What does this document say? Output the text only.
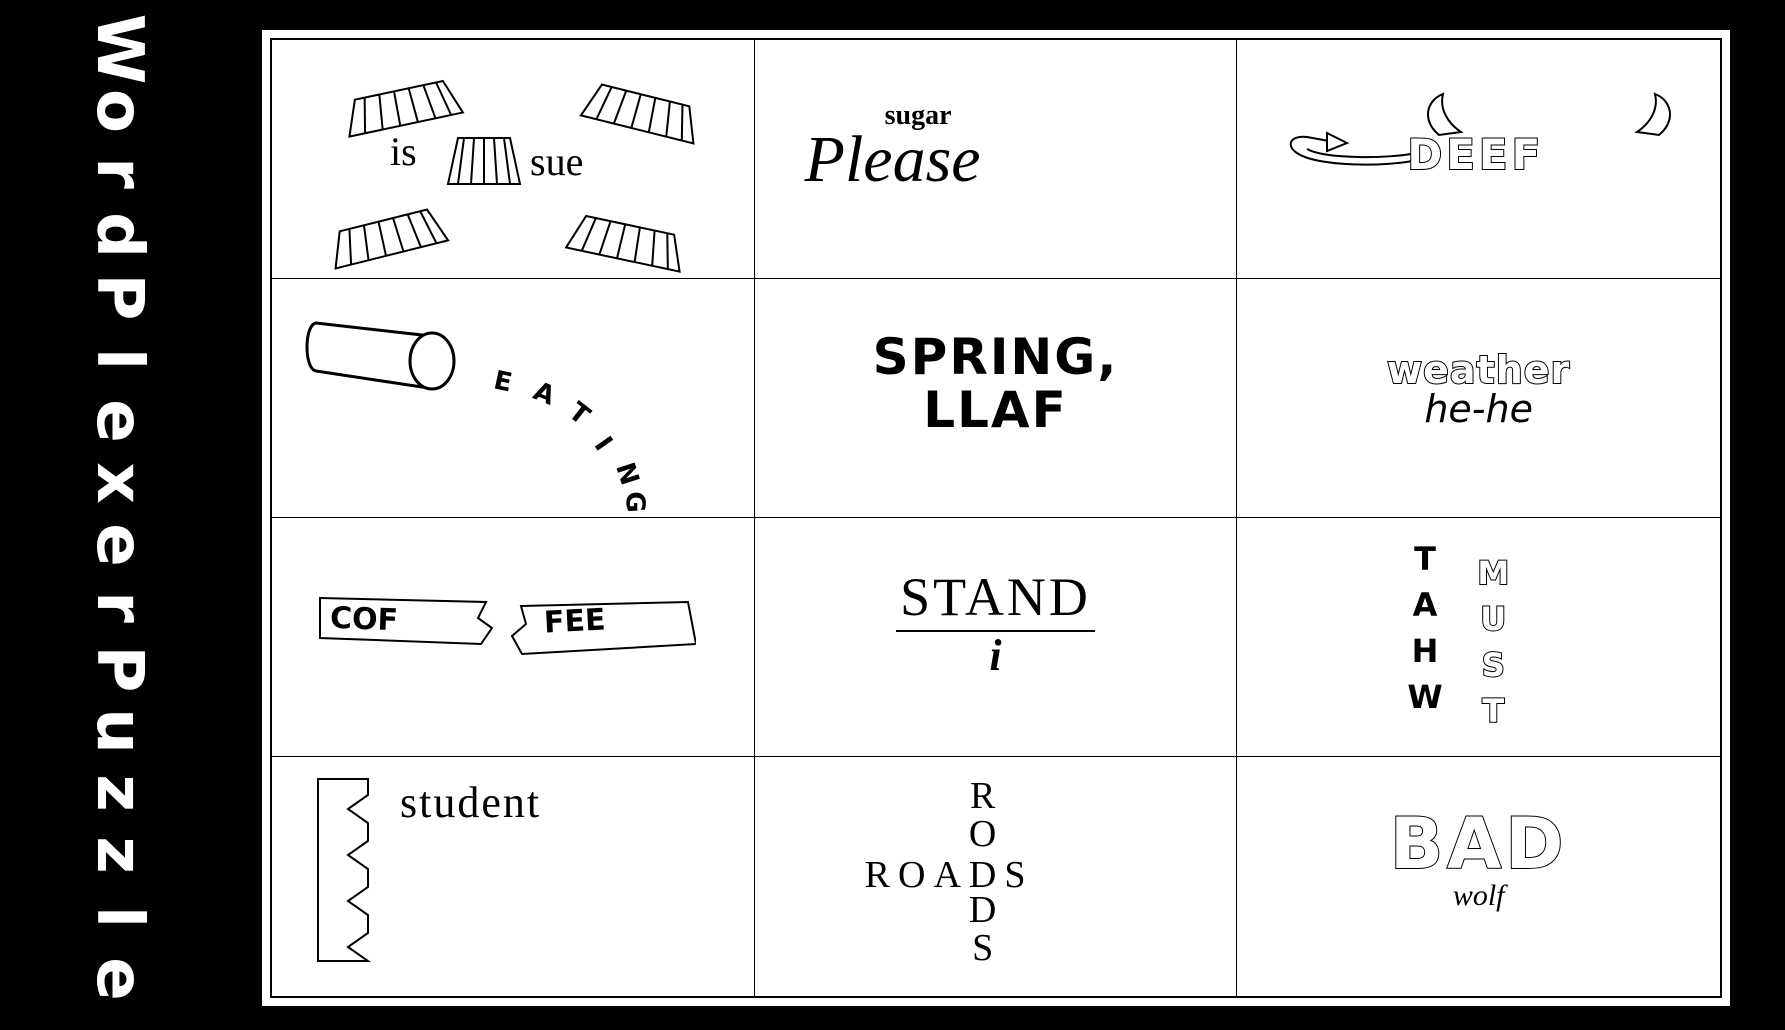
W
o
r
d
P
l
e
x
e
r
P
u
z
z
l
e
is	sue
sugar
Please	DEEF
E A
T
I
N
G
SPRING,
LLAF
weather
he-he
COF	FEE	STAND
i
T
A
H
W
M
U
S
T
student	R
O
D
S
ROADS	BAD
wolf
